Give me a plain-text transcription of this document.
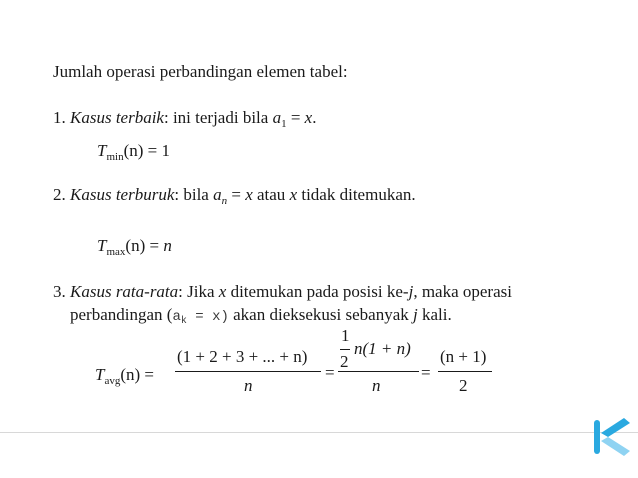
Jumlah operasi perbandingan elemen tabel:
1. Kasus terbaik: ini terjadi bila $a_1 = x$.
$T_{min}(n) = 1$
2. Kasus terburuk: bila $a_n = x$ atau x tidak ditemukan.
$T_{max}(n) = n$
3. Kasus rata-rata: Jika x ditemukan pada posisi ke-j, maka operasi
perbandingan $(a_k = x)$ akan dieksekusi sebanyak j kali.
$T_{avg}(n)$ =
(1 + 2 + 3 + ... + n)
n
=
1
2
n(1 + n)
n
=
(n + 1)
2
